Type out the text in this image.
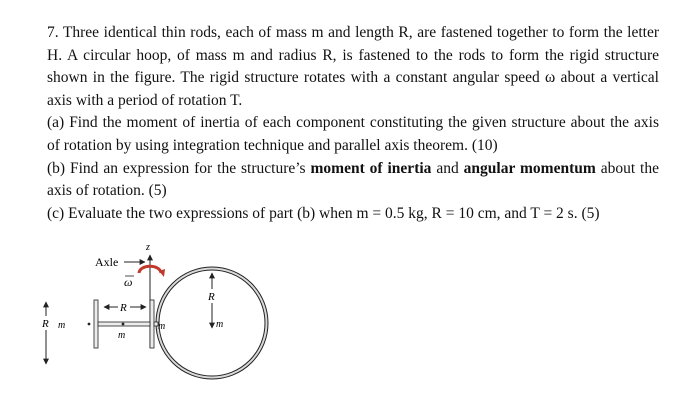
7. Three identical thin rods, each of mass m and length R, are fastened together to form the letter H. A circular hoop, of mass m and radius R, is fastened to the rods to form the rigid structure shown in the figure. The rigid structure rotates with a constant angular speed ω about a vertical axis with a period of rotation T.

(a) Find the moment of inertia of each component constituting the given structure about the axis of rotation by using integration technique and parallel axis theorem. (10)

(b) Find an expression for the structure’s moment of inertia and angular momentum about the axis of rotation. (5)

(c) Evaluate the two expressions of part (b) when m = 0.5 kg, R = 10 cm, and T = 2 s. (5)

ω
Axle
z
R
m
R m	m
R
m
